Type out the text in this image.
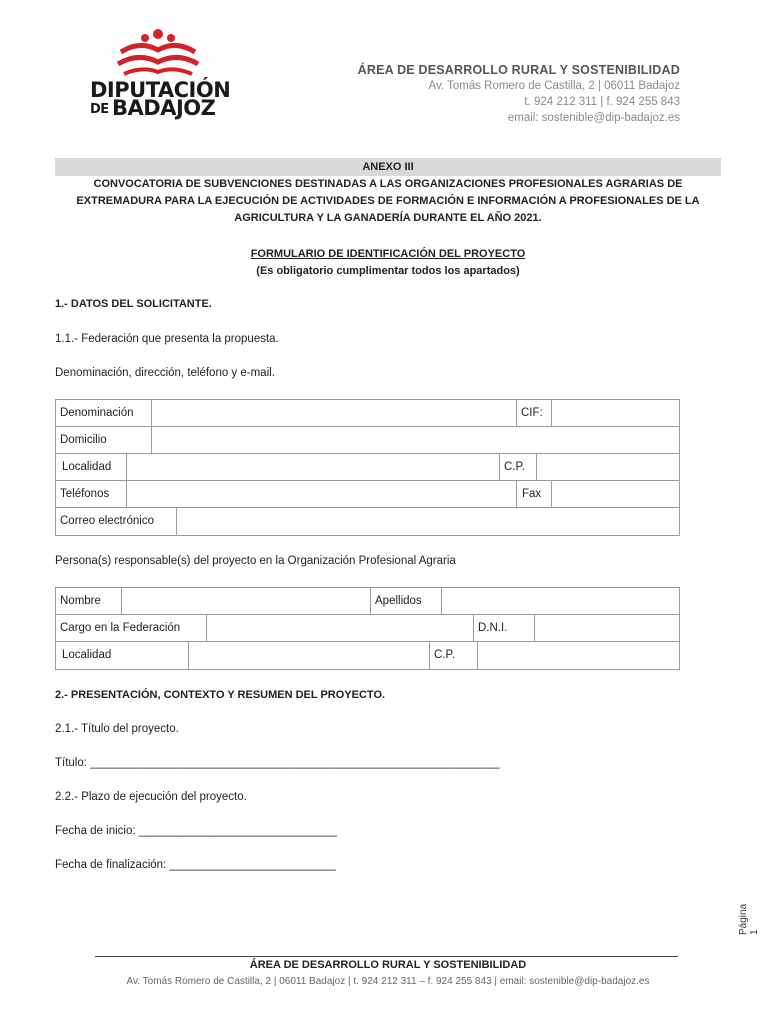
DIPUTACIÓN
DE BADAJOZ
ÁREA DE DESARROLLO RURAL Y SOSTENIBILIDAD
Av. Tomás Romero de Castilla, 2 | 06011 Badajoz
t. 924 212 311 | f. 924 255 843
email: sostenible@dip-badajoz.es
ANEXO III
CONVOCATORIA DE SUBVENCIONES DESTINADAS A LAS ORGANIZACIONES PROFESIONALES AGRARIAS DE
EXTREMADURA PARA LA EJECUCIÓN DE ACTIVIDADES DE FORMACIÓN E INFORMACIÓN A PROFESIONALES DE LA
AGRICULTURA Y LA GANADERÍA DURANTE EL AÑO 2021.
FORMULARIO DE IDENTIFICACIÓN DEL PROYECTO
(Es obligatorio cumplimentar todos los apartados)
1.- DATOS DEL SOLICITANTE.
1.1.- Federación que presenta la propuesta.
Denominación, dirección, teléfono y e-mail.
Denominación	CIF:
Domicilio
Localidad	C.P.
Teléfonos	Fax
Correo electrónico
Persona(s) responsable(s) del proyecto en la Organización Profesional Agraria
Nombre	Apellidos
Cargo en la Federación	D.N.I.
Localidad	C.P.
2.- PRESENTACIÓN, CONTEXTO Y RESUMEN DEL PROYECTO.
2.1.- Título del proyecto.
Título: ________________________________________________________________
2.2.- Plazo de ejecución del proyecto.
Fecha de inicio: _______________________________
Fecha de finalización: __________________________
Página 1
ÁREA DE DESARROLLO RURAL Y SOSTENIBILIDAD
Av. Tomás Romero de Castilla, 2 | 06011 Badajoz | t. 924 212 311 – f. 924 255 843 | email: sostenible@dip-badajoz.es
